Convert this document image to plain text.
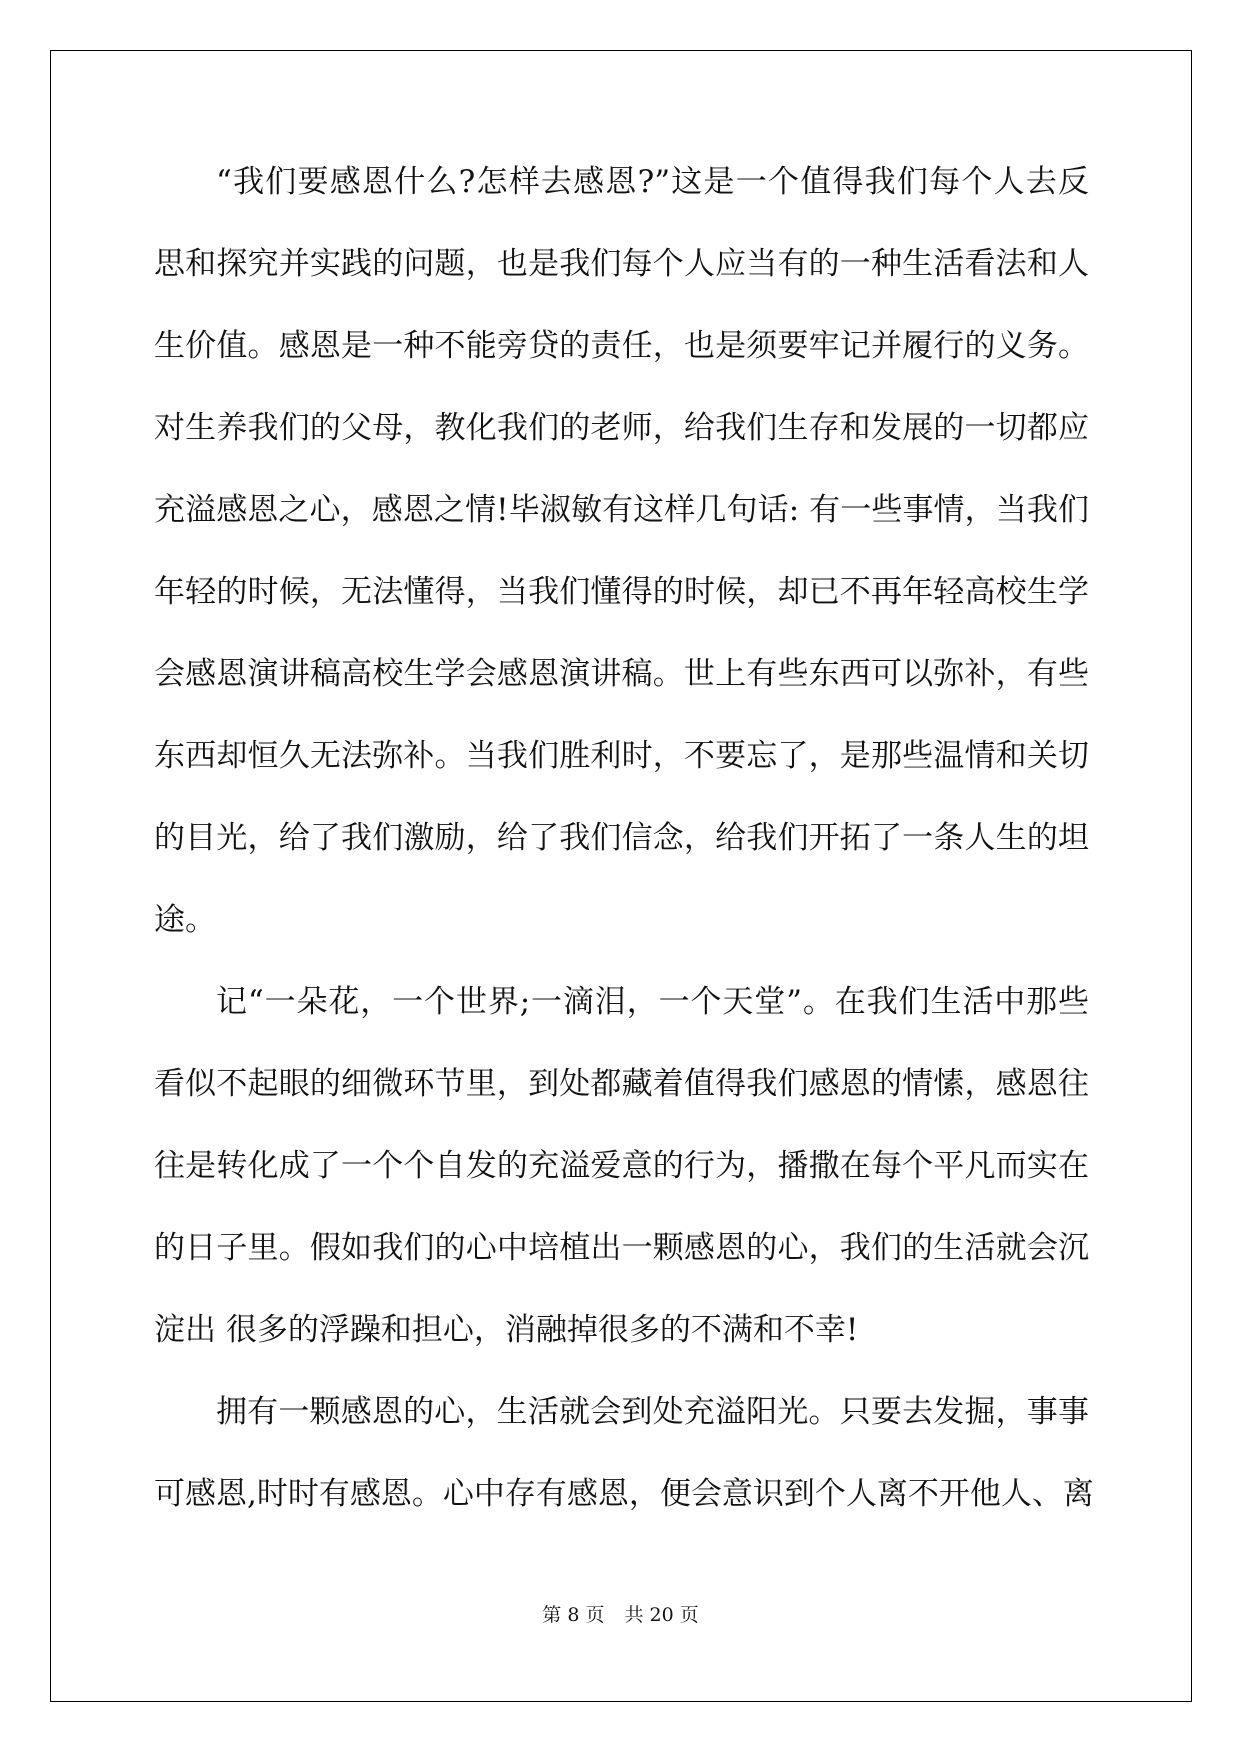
“我们要感恩什么?怎样去感恩?”这是一个值得我们每个人去反
思和探究并实践的问题，也是我们每个人应当有的一种生活看法和人
生价值。感恩是一种不能旁贷的责任，也是须要牢记并履行的义务。
对生养我们的父母，教化我们的老师，给我们生存和发展的一切都应
充溢感恩之心，感恩之情!毕淑敏有这样几句话: 有一些事情，当我们
年轻的时候，无法懂得，当我们懂得的时候，却已不再年轻高校生学
会感恩演讲稿高校生学会感恩演讲稿。世上有些东西可以弥补，有些
东西却恒久无法弥补。当我们胜利时，不要忘了，是那些温情和关切
的目光，给了我们激励，给了我们信念，给我们开拓了一条人生的坦
途。
记“一朵花，一个世界;一滴泪，一个天堂”。在我们生活中那些
看似不起眼的细微环节里，到处都藏着值得我们感恩的情愫，感恩往
往是转化成了一个个自发的充溢爱意的行为，播撒在每个平凡而实在
的日子里。假如我们的心中培植出一颗感恩的心，我们的生活就会沉
淀出 很多的浮躁和担心，消融掉很多的不满和不幸!
拥有一颗感恩的心，生活就会到处充溢阳光。只要去发掘，事事
可感恩,时时有感恩。心中存有感恩，便会意识到个人离不开他人、离
第 8 页 共 20 页
